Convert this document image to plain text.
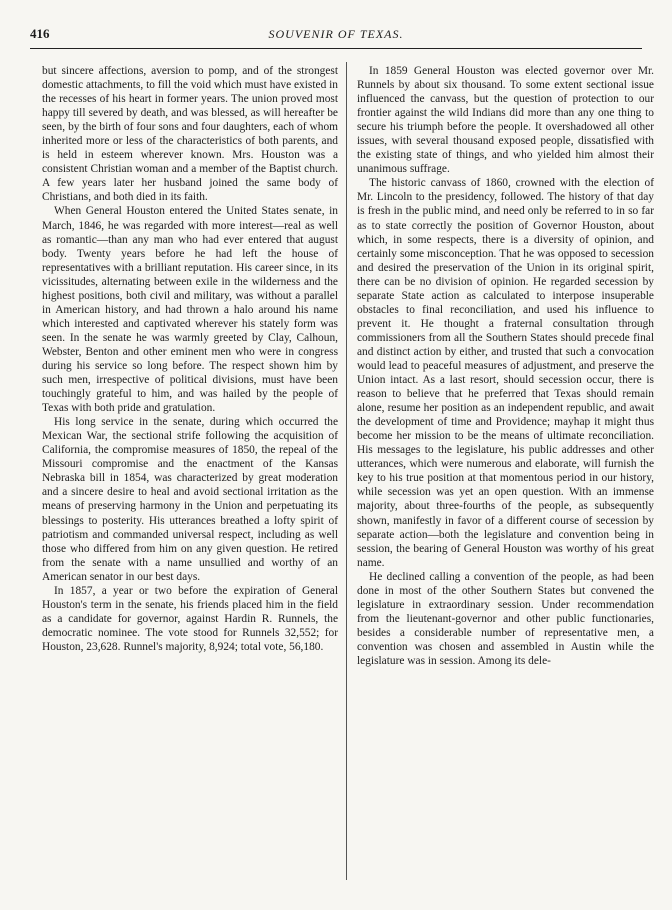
416	SOUVENIR OF TEXAS.

but sincere affections, aversion to pomp, and of the strongest domestic attachments, to fill the void which must have existed in the recesses of his heart in former years. The union proved most happy till severed by death, and was blessed, as will hereafter be seen, by the birth of four sons and four daughters, each of whom inherited more or less of the characteristics of both parents, and is held in esteem wherever known. Mrs. Houston was a consistent Christian woman and a member of the Baptist church. A few years later her husband joined the same body of Christians, and both died in its faith.

When General Houston entered the United States senate, in March, 1846, he was regarded with more interest—real as well as romantic—than any man who had ever entered that august body. Twenty years before he had left the house of representatives with a brilliant reputation. His career since, in its vicissitudes, alternating between exile in the wilderness and the highest positions, both civil and military, was without a parallel in American history, and had thrown a halo around his name which interested and captivated wherever his stately form was seen. In the senate he was warmly greeted by Clay, Calhoun, Webster, Benton and other eminent men who were in congress during his service so long before. The respect shown him by such men, irrespective of political divisions, must have been touchingly grateful to him, and was hailed by the people of Texas with both pride and gratulation.

His long service in the senate, during which occurred the Mexican War, the sectional strife following the acquisition of California, the compromise measures of 1850, the repeal of the Missouri compromise and the enactment of the Kansas Nebraska bill in 1854, was characterized by great moderation and a sincere desire to heal and avoid sectional irritation as the means of preserving harmony in the Union and perpetuating its blessings to posterity. His utterances breathed a lofty spirit of patriotism and commanded universal respect, including as well those who differed from him on any given question. He retired from the senate with a name unsullied and worthy of an American senator in our best days.

In 1857, a year or two before the expiration of General Houston's term in the senate, his friends placed him in the field as a candidate for governor, against Hardin R. Runnels, the democratic nominee. The vote stood for Runnels 32,552; for Houston, 23,628. Runnel's majority, 8,924; total vote, 56,180.

In 1859 General Houston was elected governor over Mr. Runnels by about six thousand. To some extent sectional issue influenced the canvass, but the question of protection to our frontier against the wild Indians did more than any one thing to secure his triumph before the people. It overshadowed all other issues, with several thousand exposed people, dissatisfied with the existing state of things, and who yielded him almost their unanimous suffrage.

The historic canvass of 1860, crowned with the election of Mr. Lincoln to the presidency, followed. The history of that day is fresh in the public mind, and need only be referred to in so far as to state correctly the position of Governor Houston, about which, in some respects, there is a diversity of opinion, and certainly some misconception. That he was opposed to secession and desired the preservation of the Union in its original spirit, there can be no division of opinion. He regarded secession by separate State action as calculated to interpose insuperable obstacles to final reconciliation, and used his influence to prevent it. He thought a fraternal consultation through commissioners from all the Southern States should precede final and distinct action by either, and trusted that such a convocation would lead to peaceful measures of adjustment, and preserve the Union intact. As a last resort, should secession occur, there is reason to believe that he preferred that Texas should remain alone, resume her position as an independent republic, and await the development of time and Providence; mayhap it might thus become her mission to be the means of ultimate reconciliation. His messages to the legislature, his public addresses and other utterances, which were numerous and elaborate, will furnish the key to his true position at that momentous period in our history, while secession was yet an open question. With an immense majority, about three-fourths of the people, as subsequently shown, manifestly in favor of a different course of secession by separate action—both the legislature and convention being in session, the bearing of General Houston was worthy of his great name.

He declined calling a convention of the people, as had been done in most of the other Southern States but convened the legislature in extraordinary session. Under recommendation from the lieutenant-governor and other public functionaries, besides a considerable number of representative men, a convention was chosen and assembled in Austin while the legislature was in session. Among its dele-
